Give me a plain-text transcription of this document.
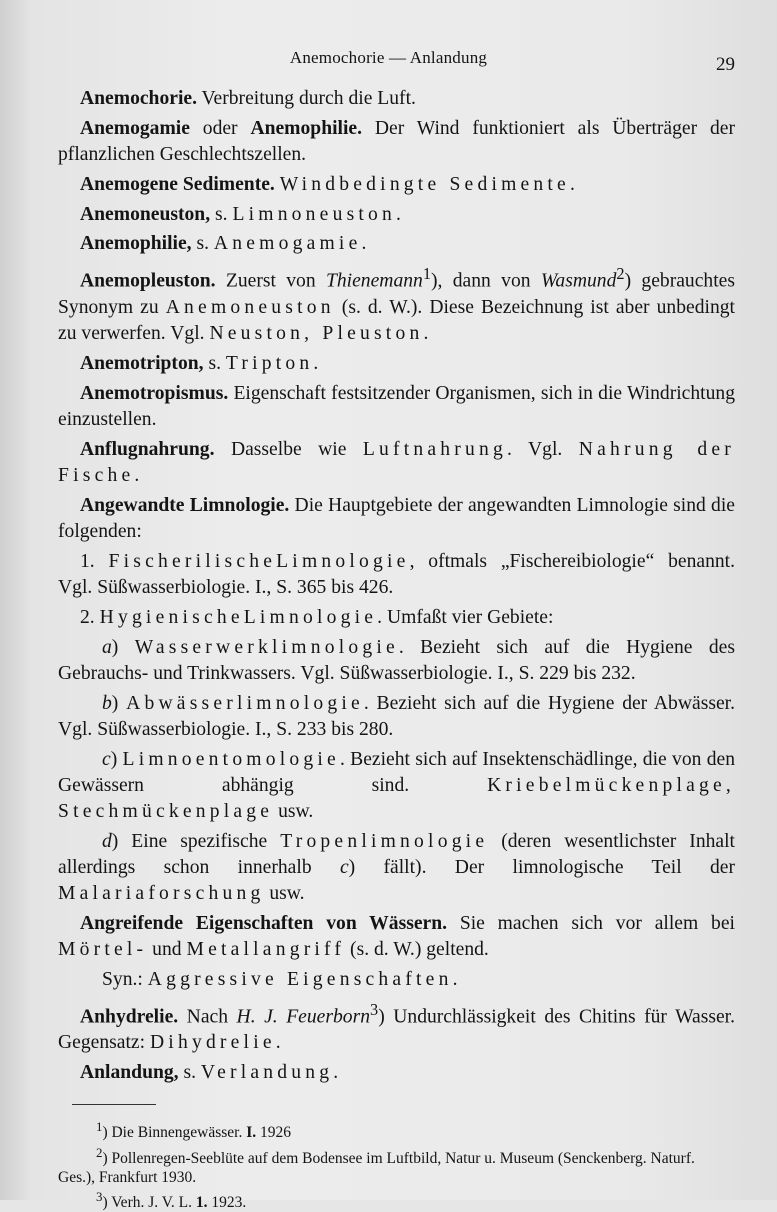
Anemochorie — Anlandung	29

Anemochorie. Verbreitung durch die Luft.

Anemogamie oder Anemophilie. Der Wind funktioniert als Überträger der pflanzlichen Geschlechtszellen.

Anemogene Sedimente. Windbedingte Sedimente.

Anemoneuston, s. Limnoneuston.

Anemophilie, s. Anemogamie.

Anemopleuston. Zuerst von Thienemann$^1$), dann von Wasmund$^2$) gebrauchtes Synonym zu Anemoneuston (s. d. W.). Diese Bezeichnung ist aber unbedingt zu verwerfen. Vgl. Neuston, Pleuston.

Anemotripton, s. Tripton.

Anemotropismus. Eigenschaft festsitzender Organismen, sich in die Windrichtung einzustellen.

Anflugnahrung. Dasselbe wie Luftnahrung. Vgl. Nahrung der Fische.

Angewandte Limnologie. Die Hauptgebiete der angewandten Limnologie sind die folgenden:

1. FischerilischeLimnologie, oftmals „Fischereibiologie“ benannt. Vgl. Süßwasserbiologie. I., S. 365 bis 426.

2. HygienischeLimnologie. Umfaßt vier Gebiete:

a) Wasserwerklimnologie. Bezieht sich auf die Hygiene des Gebrauchs- und Trinkwassers. Vgl. Süßwasserbiologie. I., S. 229 bis 232.

b) Abwässerlimnologie. Bezieht sich auf die Hygiene der Abwässer. Vgl. Süßwasserbiologie. I., S. 233 bis 280.

c) Limnoentomologie. Bezieht sich auf Insektenschädlinge, die von den Gewässern abhängig sind. Kriebelmückenplage, Stechmückenplage usw.

d) Eine spezifische Tropenlimnologie (deren wesentlichster Inhalt allerdings schon innerhalb c) fällt). Der limnologische Teil der Malariaforschung usw.

Angreifende Eigenschaften von Wässern. Sie machen sich vor allem bei Mörtel- und Metallangriff (s. d. W.) geltend.

Syn.: Aggressive Eigenschaften.

Anhydrelie. Nach H. J. Feuerborn$^3$) Undurchlässigkeit des Chitins für Wasser. Gegensatz: Dihydrelie.

Anlandung, s. Verlandung.

$^1$) Die Binnengewässer. I. 1926

$^2$) Pollenregen-Seeblüte auf dem Bodensee im Luftbild, Natur u. Museum (Senckenberg. Naturf. Ges.), Frankfurt 1930.

$^3$) Verh. J. V. L. 1. 1923.
